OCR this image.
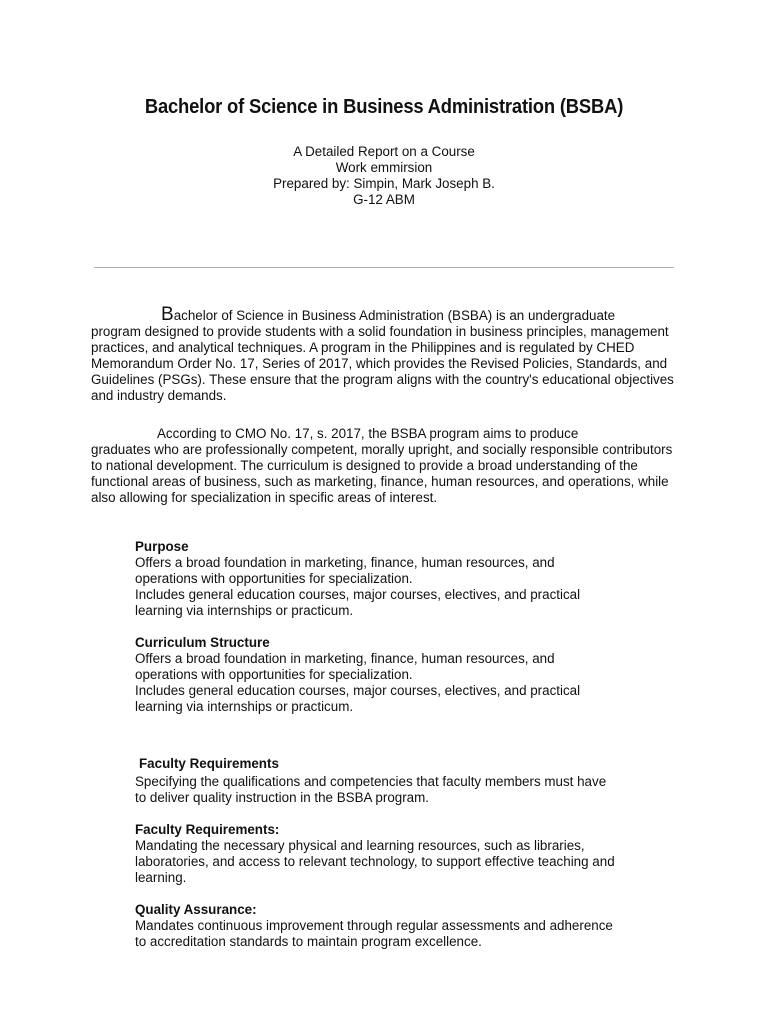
Bachelor of Science in Business Administration (BSBA)
A Detailed Report on a Course
Work emmirsion
Prepared by: Simpin, Mark Joseph B.
G-12 ABM

Bachelor of Science in Business Administration (BSBA) is an undergraduate
program designed to provide students with a solid foundation in business principles, management practices, and analytical techniques. A program in the Philippines and is regulated by CHED Memorandum Order No. 17, Series of 2017, which provides the Revised Policies, Standards, and Guidelines (PSGs). These ensure that the program aligns with the country's educational objectives and industry demands.

According to CMO No. 17, s. 2017, the BSBA program aims to produce
graduates who are professionally competent, morally upright, and socially responsible contributors to national development. The curriculum is designed to provide a broad understanding of the functional areas of business, such as marketing, finance, human resources, and operations, while also allowing for specialization in specific areas of interest.

Purpose
Offers a broad foundation in marketing, finance, human resources, and
operations with opportunities for specialization.
Includes general education courses, major courses, electives, and practical
learning via internships or practicum.
Curriculum Structure
Offers a broad foundation in marketing, finance, human resources, and
operations with opportunities for specialization.
Includes general education courses, major courses, electives, and practical
learning via internships or practicum.
Faculty Requirements
Specifying the qualifications and competencies that faculty members must have
to deliver quality instruction in the BSBA program.
Faculty Requirements:
Mandating the necessary physical and learning resources, such as libraries,
laboratories, and access to relevant technology, to support effective teaching and
learning.
Quality Assurance:
Mandates continuous improvement through regular assessments and adherence
to accreditation standards to maintain program excellence.
